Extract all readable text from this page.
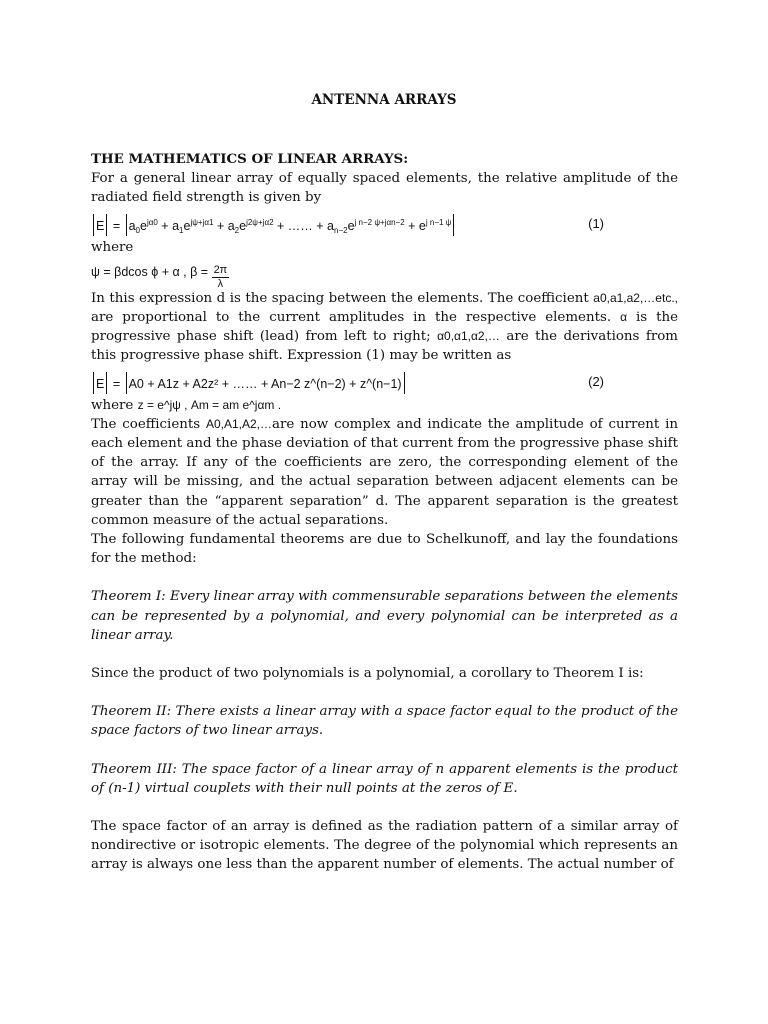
ANTENNA ARRAYS

THE MATHEMATICS OF LINEAR ARRAYS:

For a general linear array of equally spaced elements, the relative amplitude of the radiated field strength is given by

$E = a_0e^{j\alpha 0} + a_1e^{j\psi+j\alpha 1} + a_2e^{j2\psi+j\alpha 2}$ + …… + $a_{n-2}e^{j n-2 \psi+j\alpha n-2} + e^{j n-1 \psi}$	(1)

where

ψ = βdcos ϕ + α , $\beta = \frac{2\pi}{\lambda}$

In this expression d is the spacing between the elements. The coefficient a0,a1,a2,…etc., are proportional to the current amplitudes in the respective elements. α is the progressive phase shift (lead) from left to right; α0,α1,α2,… are the derivations from this progressive phase shift. Expression (1) may be written as

E = A0 + A1z + A2z² + …… + An−2 z^(n−2) + z^(n−1)	(2)

where z = e^jψ , Am = am e^jαm .

The coefficients A0,A1,A2,…are now complex and indicate the amplitude of current in each element and the phase deviation of that current from the progressive phase shift of the array. If any of the coefficients are zero, the corresponding element of the array will be missing, and the actual separation between adjacent elements can be greater than the “apparent separation” d. The apparent separation is the greatest common measure of the actual separations.

The following fundamental theorems are due to Schelkunoff, and lay the foundations for the method:

Theorem I: Every linear array with commensurable separations between the elements can be represented by a polynomial, and every polynomial can be interpreted as a linear array.

Since the product of two polynomials is a polynomial, a corollary to Theorem I is:

Theorem II: There exists a linear array with a space factor equal to the product of the space factors of two linear arrays.

Theorem III: The space factor of a linear array of n apparent elements is the product of (n-1) virtual couplets with their null points at the zeros of E.

The space factor of an array is defined as the radiation pattern of a similar array of nondirective or isotropic elements. The degree of the polynomial which represents an array is always one less than the apparent number of elements. The actual number of
